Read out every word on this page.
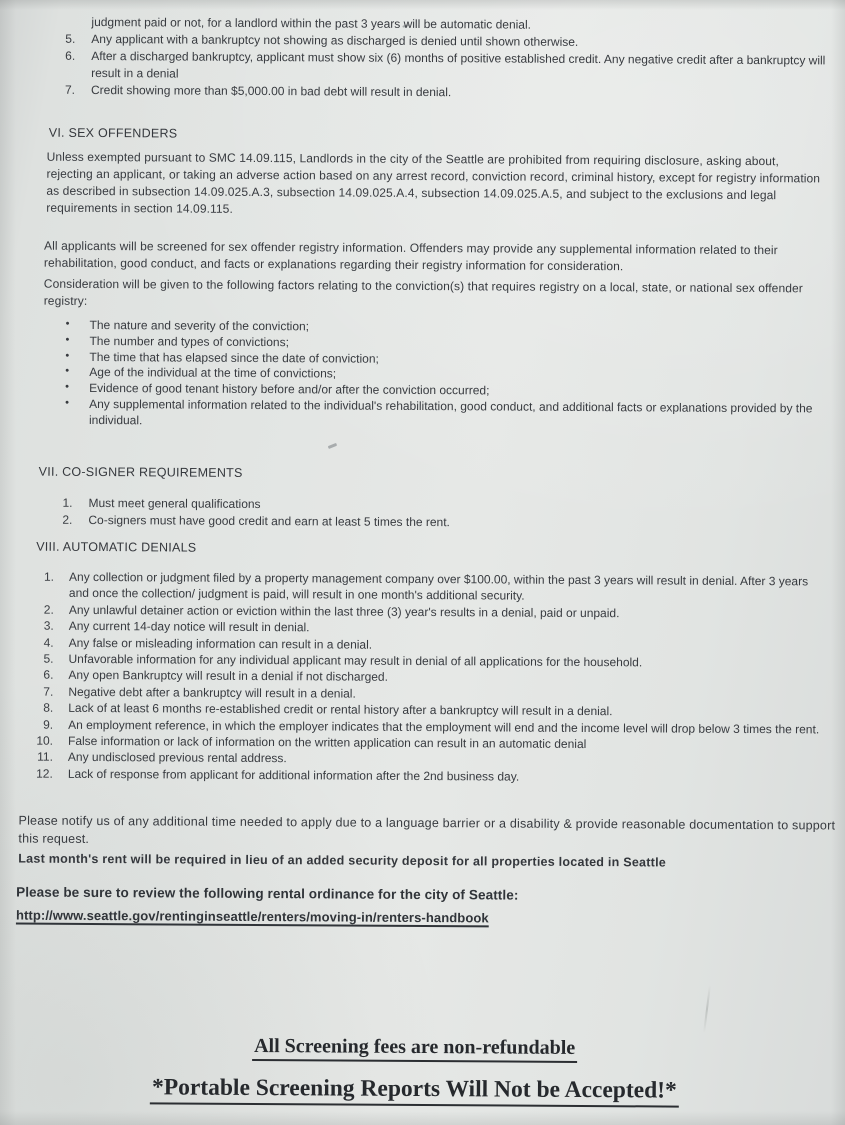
judgment paid or not, for a landlord within the past 3 years will be automatic denial.
5. Any applicant with a bankruptcy not showing as discharged is denied until shown otherwise.
6. After a discharged bankruptcy, applicant must show six (6) months of positive established credit. Any negative credit after a bankruptcy will result in a denial
7. Credit showing more than $5,000.00 in bad debt will result in denial.
VI. SEX OFFENDERS
Unless exempted pursuant to SMC 14.09.115, Landlords in the city of the Seattle are prohibited from requiring disclosure, asking about, rejecting an applicant, or taking an adverse action based on any arrest record, conviction record, criminal history, except for registry information as described in subsection 14.09.025.A.3, subsection 14.09.025.A.4, subsection 14.09.025.A.5, and subject to the exclusions and legal requirements in section 14.09.115.
All applicants will be screened for sex offender registry information. Offenders may provide any supplemental information related to their rehabilitation, good conduct, and facts or explanations regarding their registry information for consideration.
Consideration will be given to the following factors relating to the conviction(s) that requires registry on a local, state, or national sex offender registry:
• The nature and severity of the conviction;
• The number and types of convictions;
• The time that has elapsed since the date of conviction;
• Age of the individual at the time of convictions;
• Evidence of good tenant history before and/or after the conviction occurred;
• Any supplemental information related to the individual's rehabilitation, good conduct, and additional facts or explanations provided by the individual.
VII. CO-SIGNER REQUIREMENTS
1. Must meet general qualifications
2. Co-signers must have good credit and earn at least 5 times the rent.
VIII. AUTOMATIC DENIALS
1. Any collection or judgment filed by a property management company over $100.00, within the past 3 years will result in denial. After 3 years and once the collection/ judgment is paid, will result in one month's additional security.
2. Any unlawful detainer action or eviction within the last three (3) year's results in a denial, paid or unpaid.
3. Any current 14-day notice will result in denial.
4. Any false or misleading information can result in a denial.
5. Unfavorable information for any individual applicant may result in denial of all applications for the household.
6. Any open Bankruptcy will result in a denial if not discharged.
7. Negative debt after a bankruptcy will result in a denial.
8. Lack of at least 6 months re-established credit or rental history after a bankruptcy will result in a denial.
9. An employment reference, in which the employer indicates that the employment will end and the income level will drop below 3 times the rent.
10. False information or lack of information on the written application can result in an automatic denial
11. Any undisclosed previous rental address.
12. Lack of response from applicant for additional information after the 2nd business day.
Please notify us of any additional time needed to apply due to a language barrier or a disability & provide reasonable documentation to support this request.
Last month's rent will be required in lieu of an added security deposit for all properties located in Seattle
Please be sure to review the following rental ordinance for the city of Seattle:
http://www.seattle.gov/rentinginseattle/renters/moving-in/renters-handbook
All Screening fees are non-refundable
*Portable Screening Reports Will Not be Accepted!*
